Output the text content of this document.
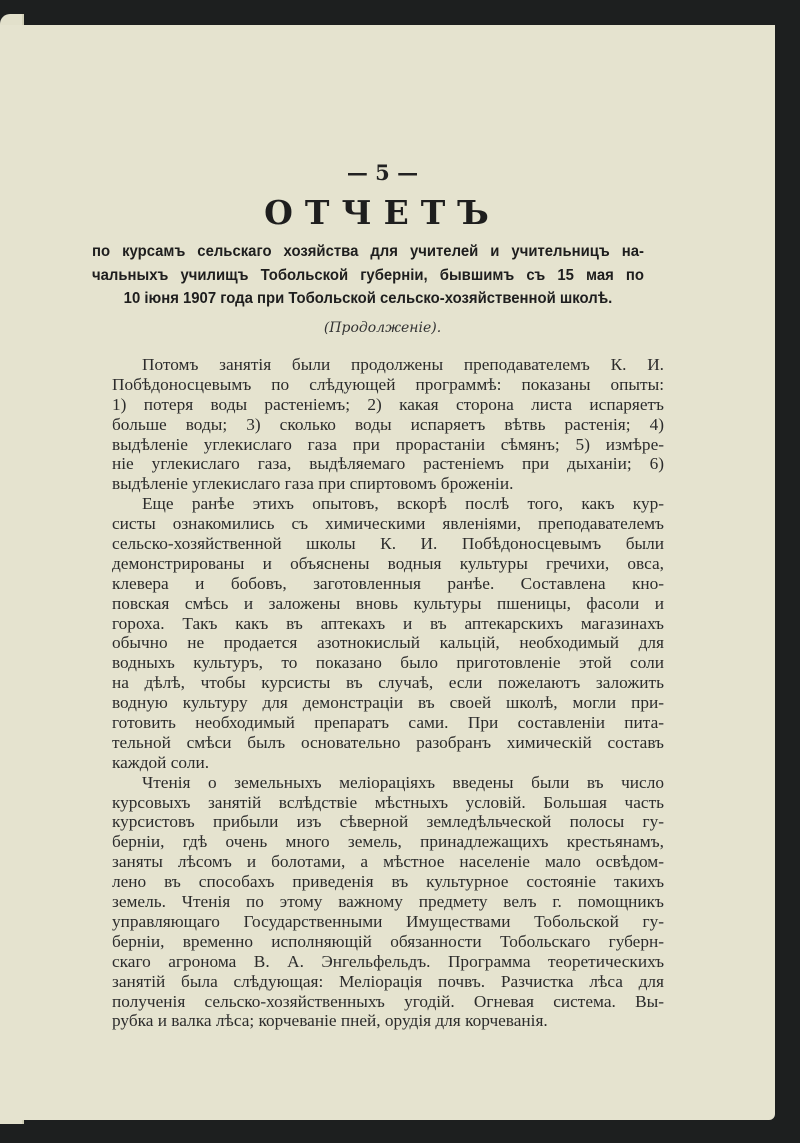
— 5 —
ОТЧЕТЪ
по курсамъ сельскаго хозяйства для учителей и учительницъ на-
чальныхъ училищъ Тобольской губерніи, бывшимъ съ 15 мая по
10 іюня 1907 года при Тобольской сельско-хозяйственной школѣ.
(Продолженіе).
Потомъ занятія были продолжены преподавателемъ К. И.
Побѣдоносцевымъ по слѣдующей программѣ: показаны опыты:
1) потеря воды растеніемъ; 2) какая сторона листа испаряетъ
больше воды; 3) сколько воды испаряетъ вѣтвь растенія; 4)
выдѣленіе углекислаго газа при прорастаніи сѣмянъ; 5) измѣре-
ніе углекислаго газа, выдѣляемаго растеніемъ при дыханіи; 6)
выдѣленіе углекислаго газа при спиртовомъ броженіи.
Еще ранѣе этихъ опытовъ, вскорѣ послѣ того, какъ кур-
систы ознакомились съ химическими явленіями, преподавателемъ
сельско-хозяйственной школы К. И. Побѣдоносцевымъ были
демонстрированы и объяснены водныя культуры гречихи, овса,
клевера и бобовъ, заготовленныя ранѣе. Составлена кно-
повская смѣсь и заложены вновь культуры пшеницы, фасоли и
гороха. Такъ какъ въ аптекахъ и въ аптекарскихъ магазинахъ
обычно не продается азотнокислый кальцій, необходимый для
водныхъ культуръ, то показано было приготовленіе этой соли
на дѣлѣ, чтобы курсисты въ случаѣ, если пожелаютъ заложить
водную культуру для демонстраціи въ своей школѣ, могли при-
готовить необходимый препаратъ сами. При составленіи пита-
тельной смѣси былъ основательно разобранъ химическій составъ
каждой соли.
Чтенія о земельныхъ меліораціяхъ введены были въ число
курсовыхъ занятій вслѣдствіе мѣстныхъ условій. Большая часть
курсистовъ прибыли изъ сѣверной земледѣльческой полосы гу-
берніи, гдѣ очень много земель, принадлежащихъ крестьянамъ,
заняты лѣсомъ и болотами, а мѣстное населеніе мало освѣдом-
лено въ способахъ приведенія въ культурное состояніе такихъ
земель. Чтенія по этому важному предмету велъ г. помощникъ
управляющаго Государственными Имуществами Тобольской гу-
берніи, временно исполняющій обязанности Тобольскаго губерн-
скаго агронома В. А. Энгельфельдъ. Программа теоретическихъ
занятій была слѣдующая: Меліорація почвъ. Разчистка лѣса для
полученія сельско-хозяйственныхъ угодій. Огневая система. Вы-
рубка и валка лѣса; корчеваніе пней, орудія для корчеванія.
